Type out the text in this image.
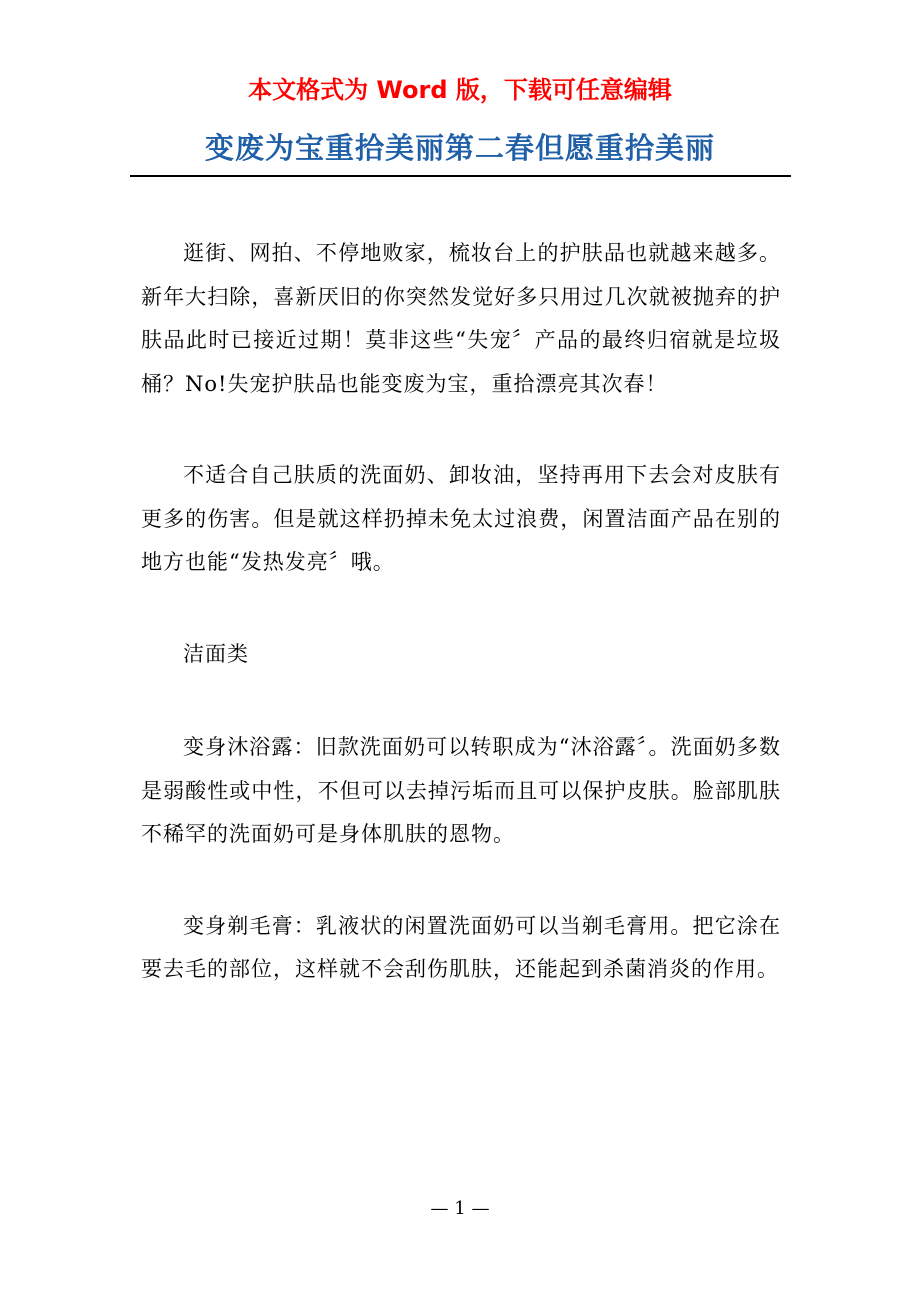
本文格式为 Word 版，下载可任意编辑
变废为宝重拾美丽第二春但愿重拾美丽

逛街、网拍、不停地败家，梳妆台上的护肤品也就越来越多。新年大扫除，喜新厌旧的你突然发觉好多只用过几次就被抛弃的护肤品此时已接近过期！莫非这些“失宠〞产品的最终归宿就是垃圾桶？No!失宠护肤品也能变废为宝，重拾漂亮其次春！

不适合自己肤质的洗面奶、卸妆油，坚持再用下去会对皮肤有更多的伤害。但是就这样扔掉未免太过浪费，闲置洁面产品在别的地方也能“发热发亮〞哦。

洁面类

变身沐浴露：旧款洗面奶可以转职成为“沐浴露〞。洗面奶多数是弱酸性或中性，不但可以去掉污垢而且可以保护皮肤。脸部肌肤不稀罕的洗面奶可是身体肌肤的恩物。

变身剃毛膏：乳液状的闲置洗面奶可以当剃毛膏用。把它涂在要去毛的部位，这样就不会刮伤肌肤，还能起到杀菌消炎的作用。

— 1 —
